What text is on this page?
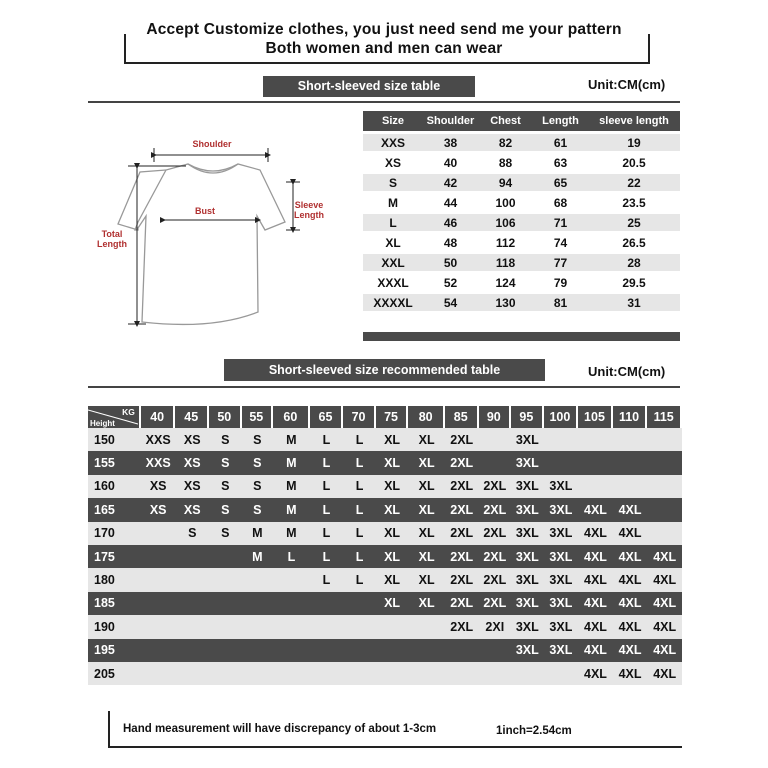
Accept Customize clothes, you just need send me your pattern
Both women and men can wear
Short-sleeved size table	Unit:CM(cm)
Shoulder
Bust
Sleeve
Length
Total
Length
Size	Shoulder	Chest	Length	sleeve length
XXS	38	82	61	19
XS	40	88	63	20.5
S	42	94	65	22
M	44	100	68	23.5
L	46	106	71	25
XL	48	112	74	26.5
XXL	50	118	77	28
XXXL	52	124	79	29.5
XXXXL	54	130	81	31
Short-sleeved size recommended table	Unit:CM(cm)
KG
Height	40	45	50	55	60	65	70	75	80	85	90	95	100	105	110	115
150	XXS	XS	S	S	M	L	L	XL	XL	2XL		3XL				
155	XXS	XS	S	S	M	L	L	XL	XL	2XL		3XL				
160	XS	XS	S	S	M	L	L	XL	XL	2XL	2XL	3XL	3XL			
165	XS	XS	S	S	M	L	L	XL	XL	2XL	2XL	3XL	3XL	4XL	4XL	
170		S	S	M	M	L	L	XL	XL	2XL	2XL	3XL	3XL	4XL	4XL	
175				M	L	L	L	XL	XL	2XL	2XL	3XL	3XL	4XL	4XL	4XL
180						L	L	XL	XL	2XL	2XL	3XL	3XL	4XL	4XL	4XL
185								XL	XL	2XL	2XL	3XL	3XL	4XL	4XL	4XL
190										2XL	2XI	3XL	3XL	4XL	4XL	4XL
195												3XL	3XL	4XL	4XL	4XL
205														4XL	4XL	4XL
Hand measurement will have discrepancy of about 1-3cm	1inch=2.54cm
